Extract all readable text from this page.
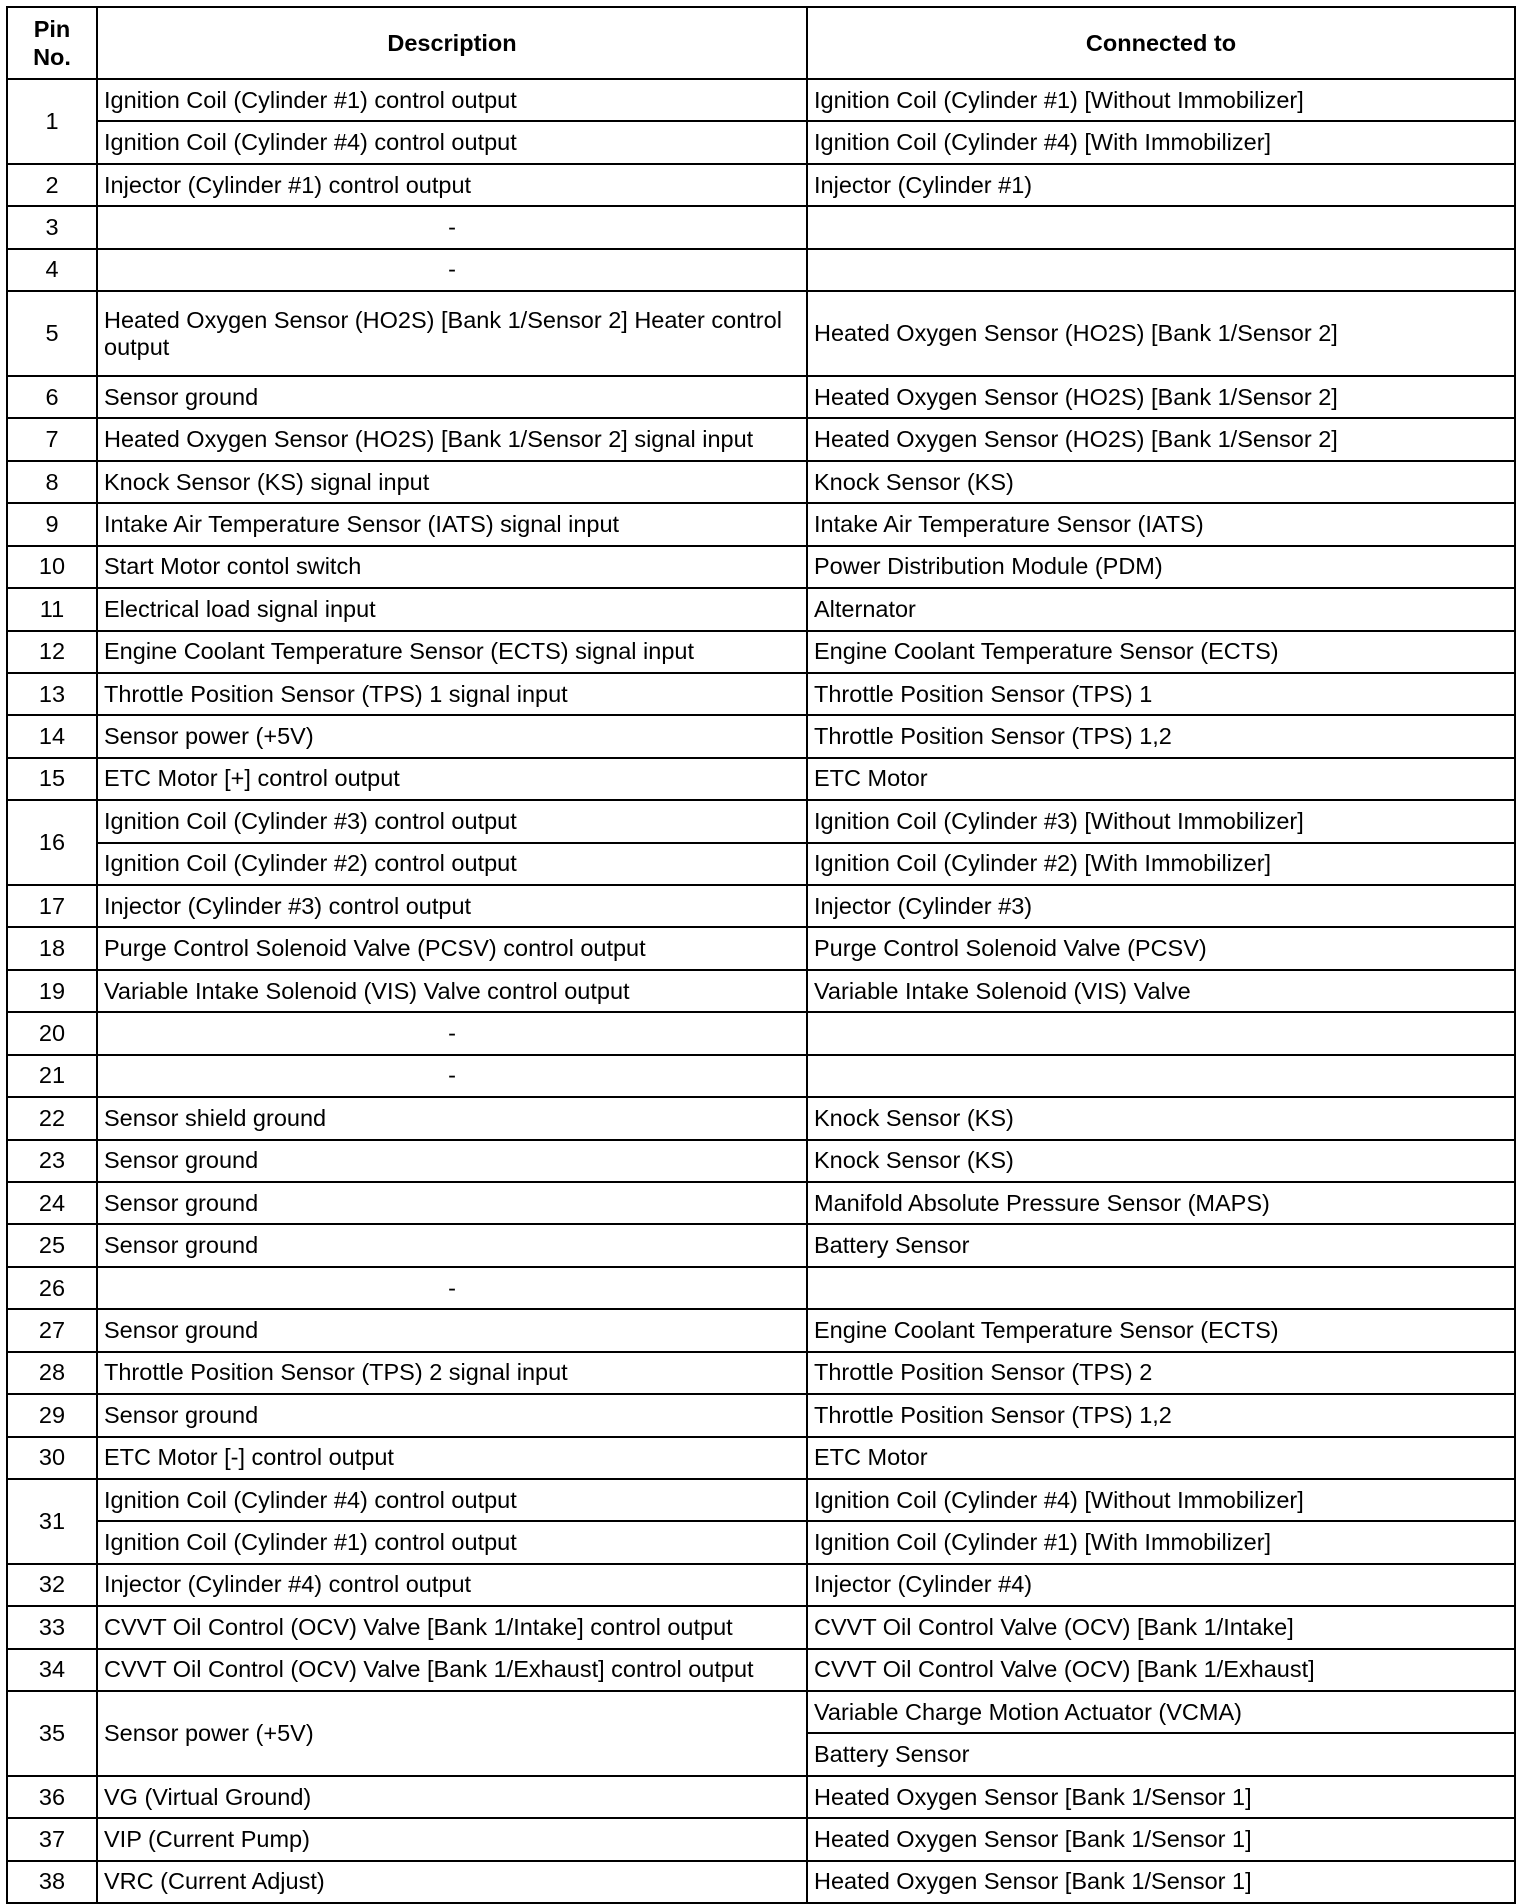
Pin
No.	Description	Connected to
1	Ignition Coil (Cylinder #1) control output	Ignition Coil (Cylinder #1) [Without Immobilizer]
	Ignition Coil (Cylinder #4) control output	Ignition Coil (Cylinder #4) [With Immobilizer]
2	Injector (Cylinder #1) control output	Injector (Cylinder #1)
3	-	
4	-	
5	Heated Oxygen Sensor (HO2S) [Bank 1/Sensor 2] Heater control output	Heated Oxygen Sensor (HO2S) [Bank 1/Sensor 2]
6	Sensor ground	Heated Oxygen Sensor (HO2S) [Bank 1/Sensor 2]
7	Heated Oxygen Sensor (HO2S) [Bank 1/Sensor 2] signal input	Heated Oxygen Sensor (HO2S) [Bank 1/Sensor 2]
8	Knock Sensor (KS) signal input	Knock Sensor (KS)
9	Intake Air Temperature Sensor (IATS) signal input	Intake Air Temperature Sensor (IATS)
10	Start Motor contol switch	Power Distribution Module (PDM)
11	Electrical load signal input	Alternator
12	Engine Coolant Temperature Sensor (ECTS) signal input	Engine Coolant Temperature Sensor (ECTS)
13	Throttle Position Sensor (TPS) 1 signal input	Throttle Position Sensor (TPS) 1
14	Sensor power (+5V)	Throttle Position Sensor (TPS) 1,2
15	ETC Motor [+] control output	ETC Motor
16	Ignition Coil (Cylinder #3) control output	Ignition Coil (Cylinder #3) [Without Immobilizer]
	Ignition Coil (Cylinder #2) control output	Ignition Coil (Cylinder #2) [With Immobilizer]
17	Injector (Cylinder #3) control output	Injector (Cylinder #3)
18	Purge Control Solenoid Valve (PCSV) control output	Purge Control Solenoid Valve (PCSV)
19	Variable Intake Solenoid (VIS) Valve control output	Variable Intake Solenoid (VIS) Valve
20	-	
21	-	
22	Sensor shield ground	Knock Sensor (KS)
23	Sensor ground	Knock Sensor (KS)
24	Sensor ground	Manifold Absolute Pressure Sensor (MAPS)
25	Sensor ground	Battery Sensor
26	-	
27	Sensor ground	Engine Coolant Temperature Sensor (ECTS)
28	Throttle Position Sensor (TPS) 2 signal input	Throttle Position Sensor (TPS) 2
29	Sensor ground	Throttle Position Sensor (TPS) 1,2
30	ETC Motor [-] control output	ETC Motor
31	Ignition Coil (Cylinder #4) control output	Ignition Coil (Cylinder #4) [Without Immobilizer]
	Ignition Coil (Cylinder #1) control output	Ignition Coil (Cylinder #1) [With Immobilizer]
32	Injector (Cylinder #4) control output	Injector (Cylinder #4)
33	CVVT Oil Control (OCV) Valve [Bank 1/Intake] control output	CVVT Oil Control Valve (OCV) [Bank 1/Intake]
34	CVVT Oil Control (OCV) Valve [Bank 1/Exhaust] control output	CVVT Oil Control Valve (OCV) [Bank 1/Exhaust]
35	Sensor power (+5V)	Variable Charge Motion Actuator (VCMA)
		Battery Sensor
36	VG (Virtual Ground)	Heated Oxygen Sensor [Bank 1/Sensor 1]
37	VIP (Current Pump)	Heated Oxygen Sensor [Bank 1/Sensor 1]
38	VRC (Current Adjust)	Heated Oxygen Sensor [Bank 1/Sensor 1]
